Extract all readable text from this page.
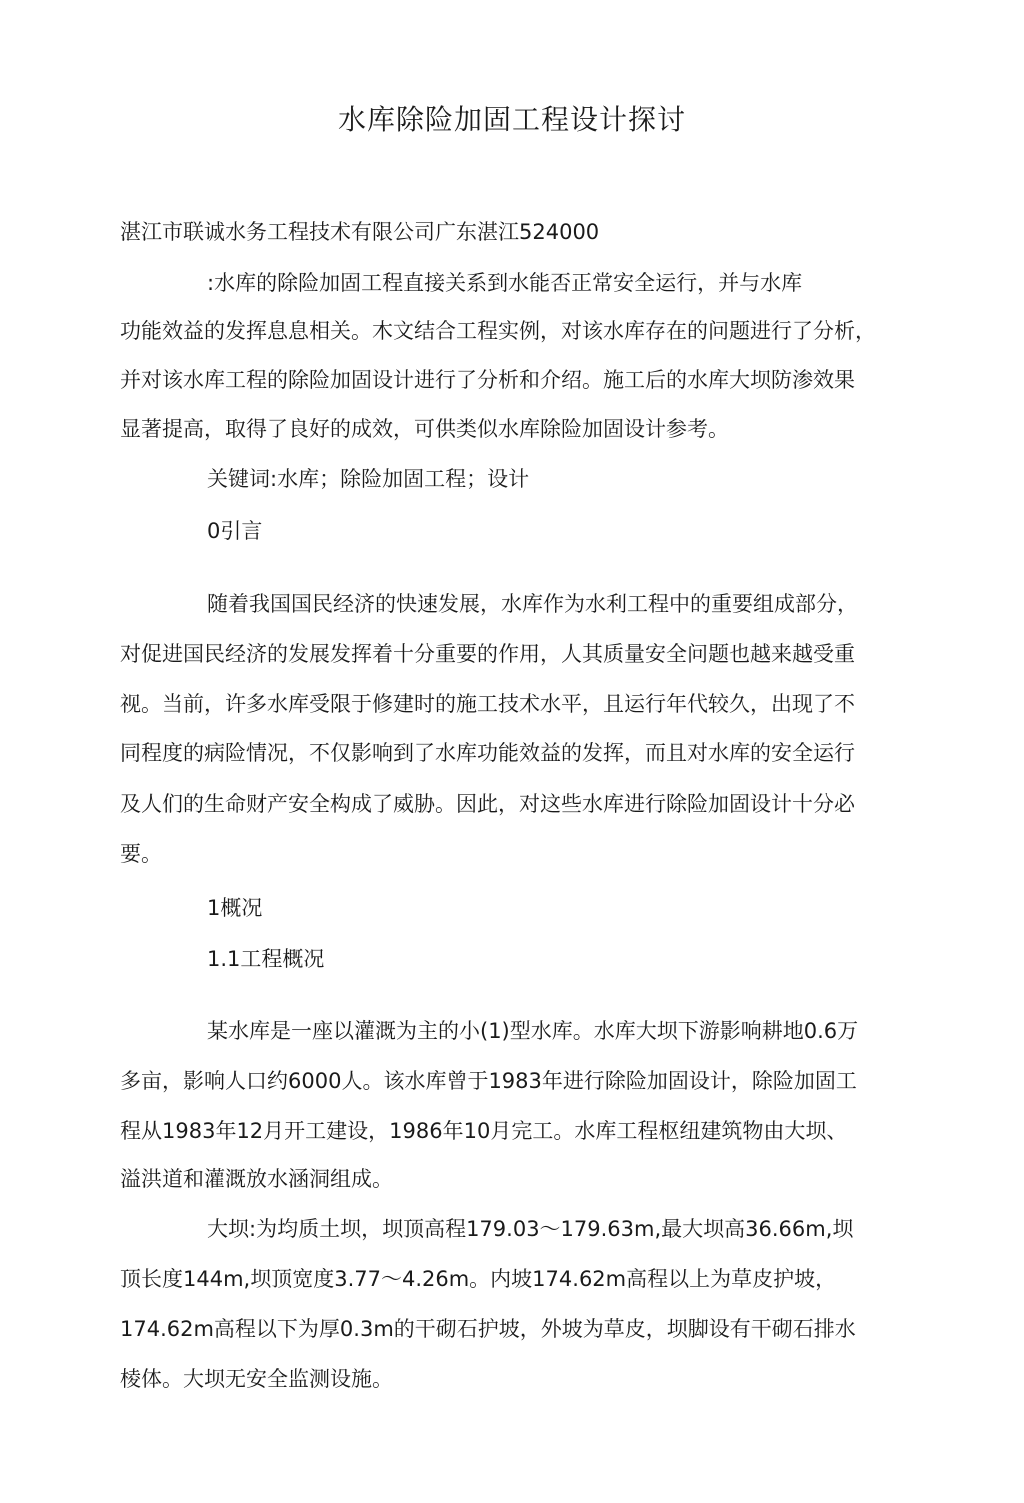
水库除险加固工程设计探讨
湛江市联诚水务工程技术有限公司广东湛江524000
:水库的除险加固工程直接关系到水能否正常安全运行，并与水库
功能效益的发挥息息相关。木文结合工程实例，对该水库存在的问题进行了分析，
并对该水库工程的除险加固设计进行了分析和介绍。施工后的水库大坝防渗效果
显著提高，取得了良好的成效，可供类似水库除险加固设计参考。
关键词:水库；除险加固工程；设计
0引言
随着我国国民经济的快速发展，水库作为水利工程中的重要组成部分，
对促进国民经济的发展发挥着十分重要的作用，人其质量安全问题也越来越受重
视。当前，许多水库受限于修建时的施工技术水平，且运行年代较久，出现了不
同程度的病险情况，不仅影响到了水库功能效益的发挥，而且对水库的安全运行
及人们的生命财产安全构成了威胁。因此，对这些水库进行除险加固设计十分必
要。
1概况
1.1工程概况
某水库是一座以灌溉为主的小(1)型水库。水库大坝下游影响耕地0.6万
多亩，影响人口约6000人。该水库曾于1983年进行除险加固设计，除险加固工
程从1983年12月开工建设，1986年10月完工。水库工程枢纽建筑物由大坝、
溢洪道和灌溉放水涵洞组成。
大坝:为均质土坝，坝顶高程179.03～179.63m,最大坝高36.66m,坝
顶长度144m,坝顶宽度3.77～4.26m。内坡174.62m高程以上为草皮护坡，
174.62m高程以下为厚0.3m的干砌石护坡，外坡为草皮，坝脚设有干砌石排水
棱体。大坝无安全监测设施。
